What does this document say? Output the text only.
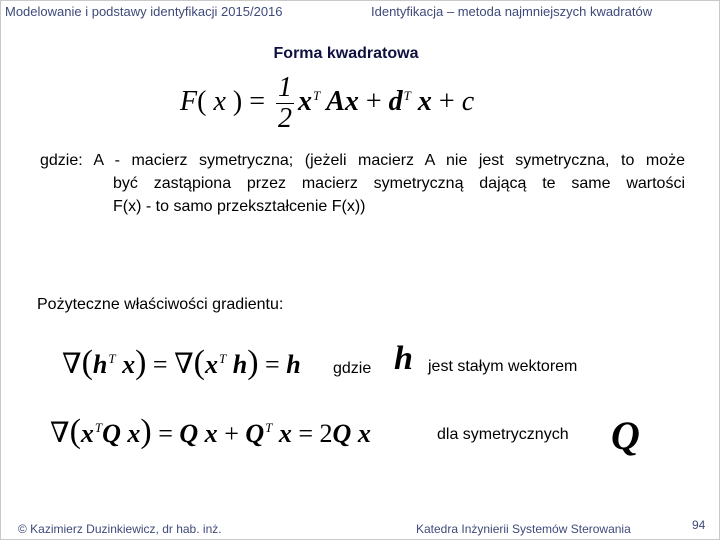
Modelowanie i podstawy identyfikacji 2015/2016	Identyfikacja – metoda najmniejszych kwadratów
Forma kwadratowa
F( x ) = $\frac{1}{2} x^T$ $Ax + d^T$ x + c
gdzie: A - macierz symetryczna; (jeżeli macierz A nie jest symetryczna, to może
być zastąpiona przez macierz symetryczną dającą te same wartości
F(x) - to samo przekształcenie F(x))
Pożyteczne właściwości gradientu:
$\nabla(h^T$ $x) = \nabla(x^T$ h) = h gdzie h jest stałym wektorem
$\nabla(x^TQ$ x) = Q $x + Q^T$ x = 2Q x	dla symetrycznych Q
© Kazimierz Duzinkiewicz, dr hab. inż.	Katedra Inżynierii Systemów Sterowania	94
